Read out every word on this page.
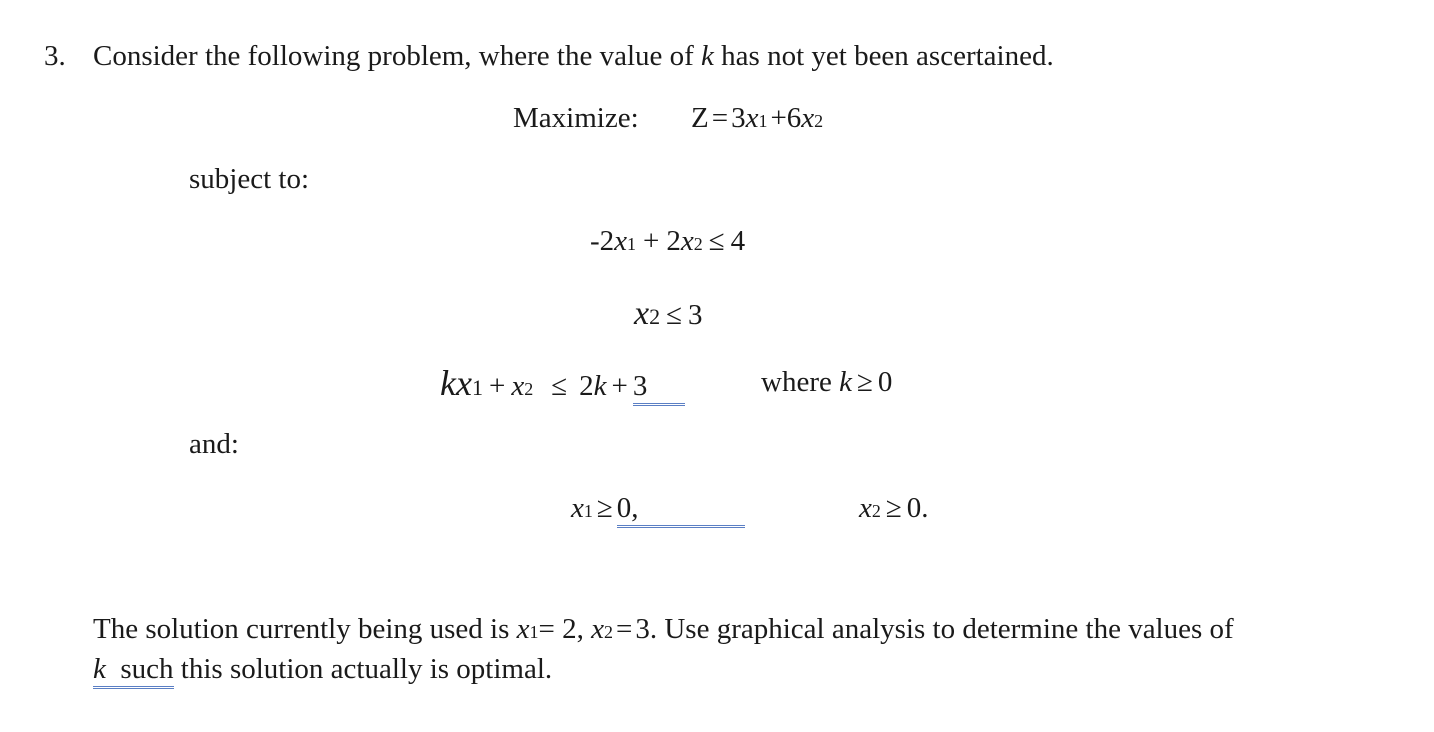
3. Consider the following problem, where the value of k has not yet been ascertained.
Maximize: $Z = 3x_1 +6x_2$
subject to:
$-2x_1 + 2x_2 \le 4$
$x_2 \le 3$
$kx_1 + x_2 \le 2k + 3$	where k ≥ 0
and:
$x_1 \ge 0$,	$x_2 \ge 0$.
The solution currently being used is $x_1= 2$, $x_2 = 3$. Use graphical analysis to determine the values of
k such this solution actually is optimal.
